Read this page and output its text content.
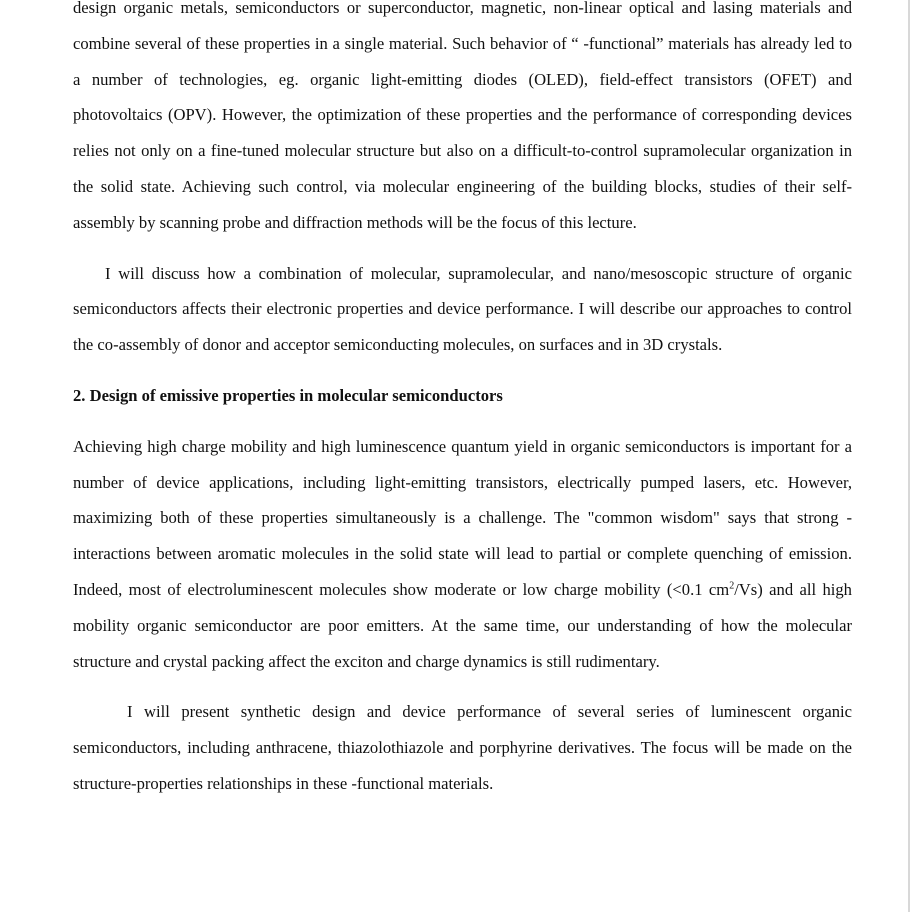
design organic metals, semiconductors or superconductor, magnetic, non-linear optical and lasing materials and combine several of these properties in a single material. Such behavior of “ -functional” materials has already led to a number of technologies, eg. organic light-emitting diodes (OLED), field-effect transistors (OFET) and photovoltaics (OPV). However, the optimization of these properties and the performance of corresponding devices relies not only on a fine-tuned molecular structure but also on a difficult-to-control supramolecular organization in the solid state. Achieving such control, via molecular engineering of the building blocks, studies of their self-assembly by scanning probe and diffraction methods will be the focus of this lecture.

I will discuss how a combination of molecular, supramolecular, and nano/mesoscopic structure of organic semiconductors affects their electronic properties and device performance. I will describe our approaches to control the co-assembly of donor and acceptor semiconducting molecules, on surfaces and in 3D crystals.

2. Design of emissive properties in molecular semiconductors

Achieving high charge mobility and high luminescence quantum yield in organic semiconductors is important for a number of device applications, including light-emitting transistors, electrically pumped lasers, etc. However, maximizing both of these properties simultaneously is a challenge. The "common wisdom" says that strong -interactions between aromatic molecules in the solid state will lead to partial or complete quenching of emission. Indeed, most of electroluminescent molecules show moderate or low charge mobility (<0.1 $cm^2/Vs$) and all high mobility organic semiconductor are poor emitters. At the same time, our understanding of how the molecular structure and crystal packing affect the exciton and charge dynamics is still rudimentary.

I will present synthetic design and device performance of several series of luminescent organic semiconductors, including anthracene, thiazolothiazole and porphyrine derivatives. The focus will be made on the structure-properties relationships in these -functional materials.
